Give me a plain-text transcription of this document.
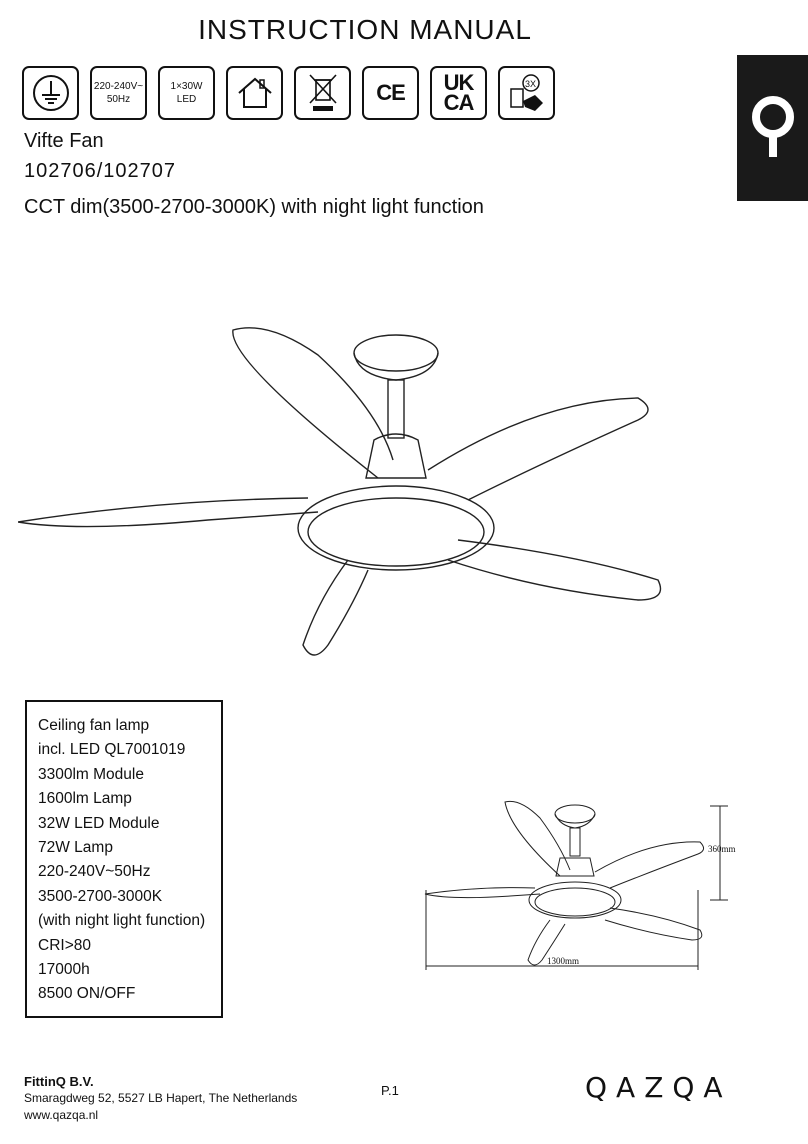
INSTRUCTION MANUAL
220-240V~
50Hz
1×30W
LED	CE UK
CA
3X
Vifte Fan
102706/102707
CCT dim(3500-2700-3000K) with night light function
Ceiling fan lamp
incl. LED QL7001019
3300lm Module
1600lm Lamp
32W LED Module
72W Lamp
220-240V~50Hz
3500-2700-3000K
(with night light function)
CRI>80
17000h
8500 ON/OFF
360mm
1300mm
FittinQ B.V.
Smaragdweg 52, 5527 LB Hapert, The Netherlands
www.qazqa.nl
P.1	QAZQA
